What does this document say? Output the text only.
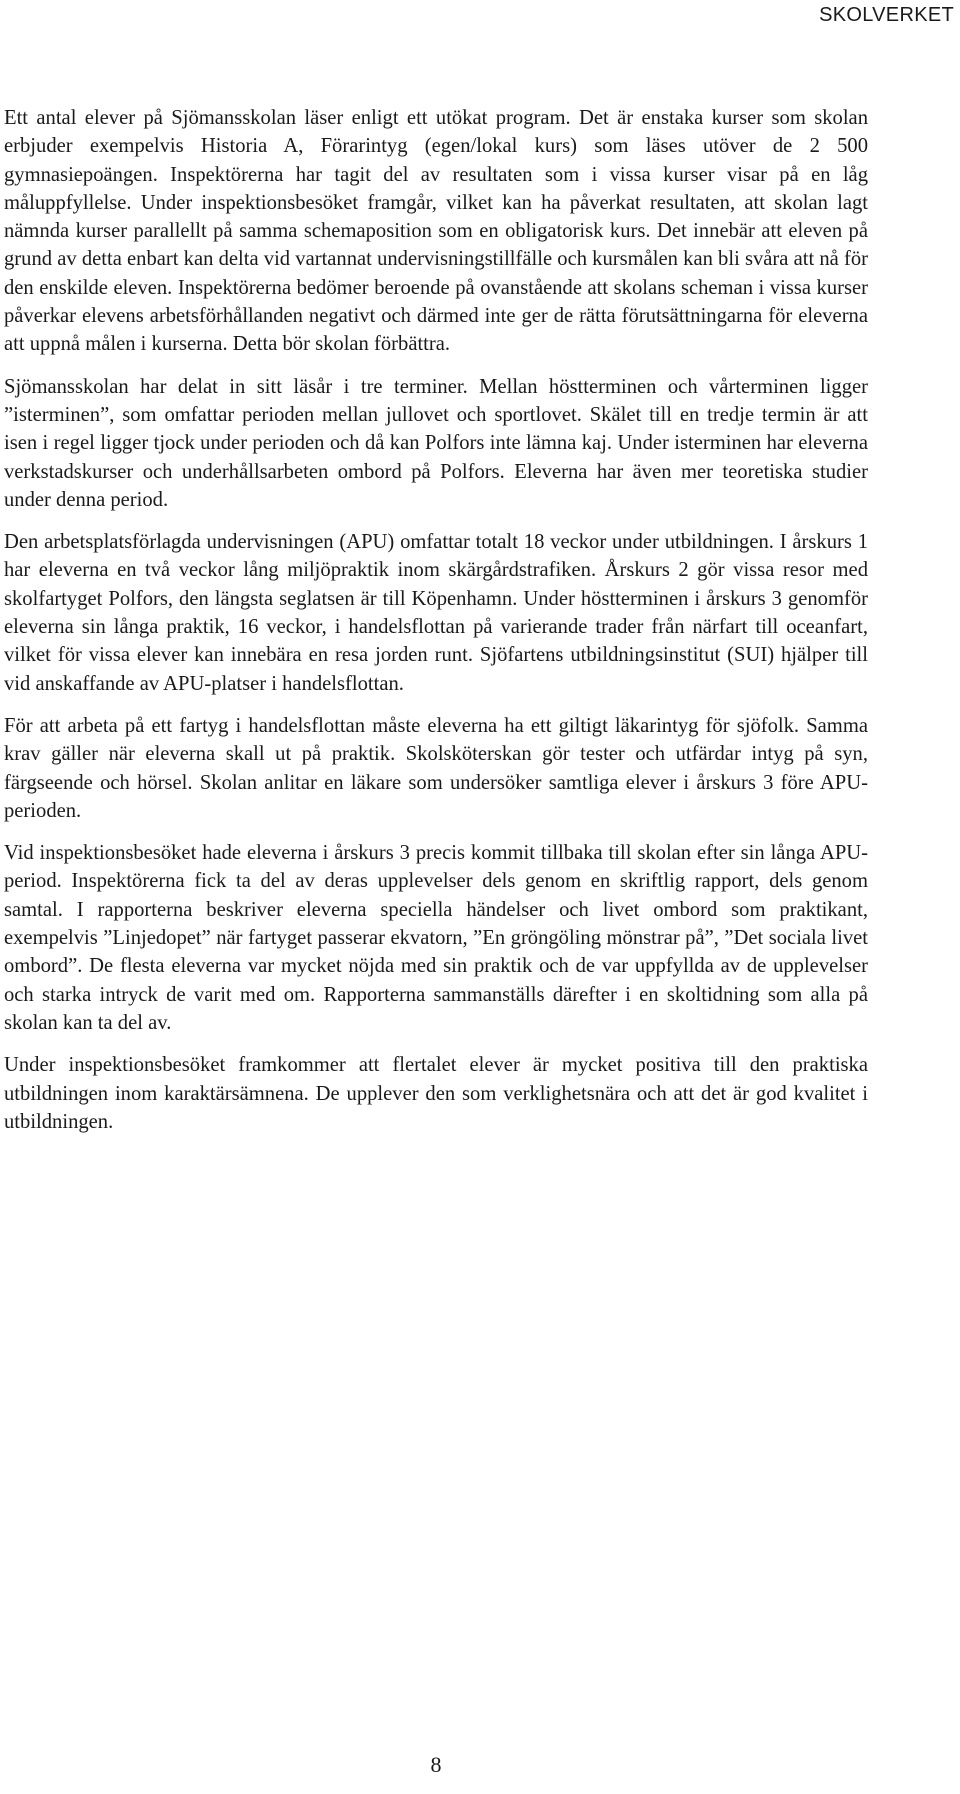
SKOLVERKET

Ett antal elever på Sjömansskolan läser enligt ett utökat program. Det är enstaka kurser som skolan erbjuder exempelvis Historia A, Förarintyg (egen/lokal kurs) som läses utöver de 2 500 gymnasiepoängen. Inspektörerna har tagit del av resultaten som i vissa kurser visar på en låg måluppfyllelse. Under inspektionsbesöket framgår, vilket kan ha påverkat resultaten, att skolan lagt nämnda kurser parallellt på samma schemaposition som en obligatorisk kurs. Det innebär att eleven på grund av detta enbart kan delta vid vartannat undervisningstillfälle och kursmålen kan bli svåra att nå för den enskilde eleven. Inspektörerna bedömer beroende på ovanstående att skolans scheman i vissa kurser påverkar elevens arbetsförhållanden negativt och därmed inte ger de rätta förutsättningarna för eleverna att uppnå målen i kurserna. Detta bör skolan förbättra.

Sjömansskolan har delat in sitt läsår i tre terminer. Mellan höstterminen och vårterminen ligger ”isterminen”, som omfattar perioden mellan jullovet och sportlovet. Skälet till en tredje termin är att isen i regel ligger tjock under perioden och då kan Polfors inte lämna kaj. Under isterminen har eleverna verkstadskurser och underhållsarbeten ombord på Polfors. Eleverna har även mer teoretiska studier under denna period.

Den arbetsplatsförlagda undervisningen (APU) omfattar totalt 18 veckor under utbildningen. I årskurs 1 har eleverna en två veckor lång miljöpraktik inom skärgårdstrafiken. Årskurs 2 gör vissa resor med skolfartyget Polfors, den längsta seglatsen är till Köpenhamn. Under höstterminen i årskurs 3 genomför eleverna sin långa praktik, 16 veckor, i handelsflottan på varierande trader från närfart till oceanfart, vilket för vissa elever kan innebära en resa jorden runt. Sjöfartens utbildningsinstitut (SUI) hjälper till vid anskaffande av APU-platser i handelsflottan.

För att arbeta på ett fartyg i handelsflottan måste eleverna ha ett giltigt läkarintyg för sjöfolk. Samma krav gäller när eleverna skall ut på praktik. Skolsköterskan gör tester och utfärdar intyg på syn, färgseende och hörsel. Skolan anlitar en läkare som undersöker samtliga elever i årskurs 3 före APU-perioden.

Vid inspektionsbesöket hade eleverna i årskurs 3 precis kommit tillbaka till skolan efter sin långa APU-period. Inspektörerna fick ta del av deras upplevelser dels genom en skriftlig rapport, dels genom samtal. I rapporterna beskriver eleverna speciella händelser och livet ombord som praktikant, exempelvis ”Linjedopet” när fartyget passerar ekvatorn, ”En gröngöling mönstrar på”, ”Det sociala livet ombord”. De flesta eleverna var mycket nöjda med sin praktik och de var uppfyllda av de upplevelser och starka intryck de varit med om. Rapporterna sammanställs därefter i en skoltidning som alla på skolan kan ta del av.

Under inspektionsbesöket framkommer att flertalet elever är mycket positiva till den praktiska utbildningen inom karaktärsämnena. De upplever den som verklighetsnära och att det är god kvalitet i utbildningen.

8
